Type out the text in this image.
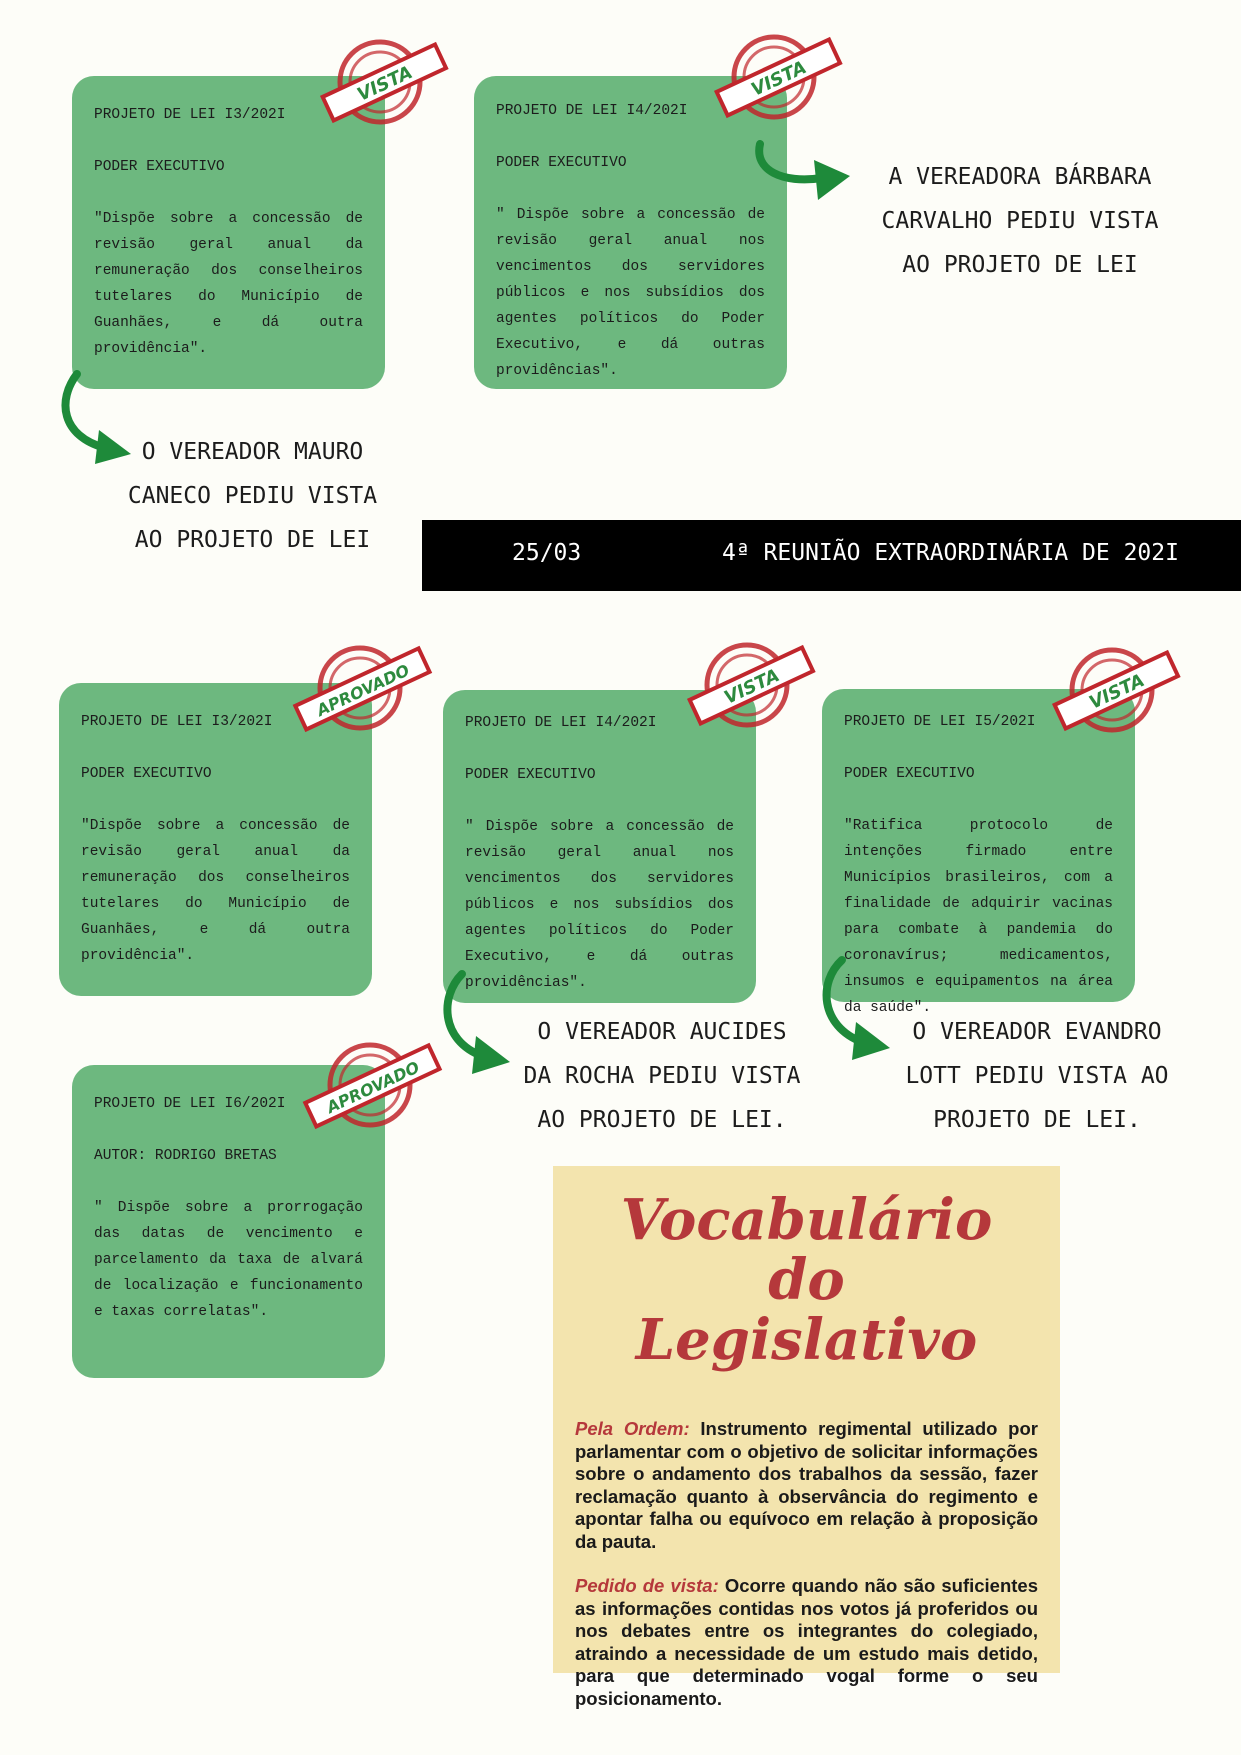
PROJETO DE LEI I3/202I
PODER EXECUTIVO
"Dispõe sobre a concessão de revisão geral anual da remuneração dos conselheiros tutelares do Município de Guanhães, e dá outra providência".
PROJETO DE LEI I4/202I
PODER EXECUTIVO
" Dispõe sobre a concessão de revisão geral anual nos vencimentos dos servidores públicos e nos subsídios dos agentes políticos do Poder Executivo, e dá outras providências".
PROJETO DE LEI I3/202I
PODER EXECUTIVO
"Dispõe sobre a concessão de revisão geral anual da remuneração dos conselheiros tutelares do Município de Guanhães, e dá outra providência".
PROJETO DE LEI I4/202I
PODER EXECUTIVO
" Dispõe sobre a concessão de revisão geral anual nos vencimentos dos servidores públicos e nos subsídios dos agentes políticos do Poder Executivo, e dá outras providências".
PROJETO DE LEI I5/202I
PODER EXECUTIVO
"Ratifica protocolo de intenções firmado entre Municípios brasileiros, com a finalidade de adquirir vacinas para combate à pandemia do coronavírus; medicamentos, insumos e equipamentos na área da saúde".
PROJETO DE LEI I6/202I
AUTOR: RODRIGO BRETAS
" Dispõe sobre a prorrogação das datas de vencimento e parcelamento da taxa de alvará de localização e funcionamento e taxas correlatas".
VISTA	VISTA
APROVADO	VISTA	VISTA
APROVADO
A VEREADORA BÁRBARA
CARVALHO PEDIU VISTA
AO PROJETO DE LEI
O VEREADOR MAURO
CANECO PEDIU VISTA
AO PROJETO DE LEI
O VEREADOR AUCIDES
DA ROCHA PEDIU VISTA
AO PROJETO DE LEI.
O VEREADOR EVANDRO
LOTT PEDIU VISTA AO
PROJETO DE LEI.
25/03	4ª REUNIÃO EXTRAORDINÁRIA DE 202I
Vocabulário do
Legislativo

Pela Ordem: Instrumento regimental utilizado por parlamentar com o objetivo de solicitar informações sobre o andamento dos trabalhos da sessão, fazer reclamação quanto à observância do regimento e apontar falha ou equívoco em relação à proposição da pauta.

Pedido de vista: Ocorre quando não são suficientes as informações contidas nos votos já proferidos ou nos debates entre os integrantes do colegiado, atraindo a necessidade de um estudo mais detido, para que determinado vogal forme o seu posicionamento.
